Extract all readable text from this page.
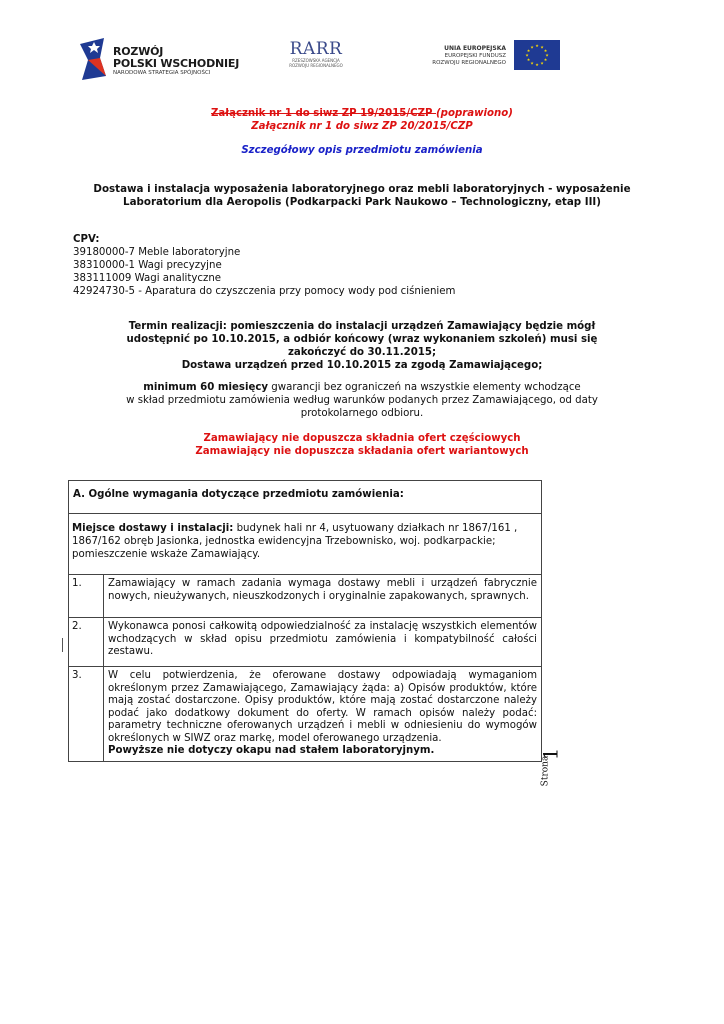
ROZWÓJ
POLSKI WSCHODNIEJ
NARODOWA STRATEGIA SPÓJNOŚCI
RARR
RZESZOWSKA AGENCJA ROZWOJU REGIONALNEGO
UNIA EUROPEJSKA
EUROPEJSKI FUNDUSZ
ROZWOJU REGIONALNEGO
★ ★
★
★
★
★
★
★
★
★
★
★
Załącznik nr 1 do siwz ZP 19/2015/CZP (poprawiono)
Załącznik nr 1 do siwz ZP 20/2015/CZP
Szczegółowy opis przedmiotu zamówienia
Dostawa i instalacja wyposażenia laboratoryjnego oraz mebli laboratoryjnych - wyposażenie Laboratorium dla Aeropolis (Podkarpacki Park Naukowo – Technologiczny, etap III)
CPV:
39180000-7 Meble laboratoryjne
38310000-1 Wagi precyzyjne
383111009 Wagi analityczne
42924730-5 - Aparatura do czyszczenia przy pomocy wody pod ciśnieniem
Termin realizacji: pomieszczenia do instalacji urządzeń Zamawiający będzie mógł
udostępnić po 10.10.2015, a odbiór końcowy (wraz wykonaniem szkoleń) musi się
zakończyć do 30.11.2015;
Dostawa urządzeń przed 10.10.2015 za zgodą Zamawiającego;
minimum 60 miesięcy gwarancji bez ograniczeń na wszystkie elementy wchodzące
w skład przedmiotu zamówienia według warunków podanych przez Zamawiającego, od daty
protokolarnego odbioru.
Zamawiający nie dopuszcza składnia ofert częściowych
Zamawiający nie dopuszcza składania ofert wariantowych
A. Ogólne wymagania dotyczące przedmiotu zamówienia:
Miejsce dostawy i instalacji: budynek hali nr 4, usytuowany działkach nr 1867/161 , 1867/162 obręb Jasionka, jednostka ewidencyjna Trzebownisko, woj. podkarpackie; pomieszczenie wskaże Zamawiający.
1.	Zamawiający w ramach zadania wymaga dostawy mebli i urządzeń fabrycznie nowych, nieużywanych, nieuszkodzonych i oryginalnie zapakowanych, sprawnych.
2.	Wykonawca ponosi całkowitą odpowiedzialność za instalację wszystkich elementów wchodzących w skład opisu przedmiotu zamówienia i kompatybilność całości zestawu.
3.	W celu potwierdzenia, że oferowane dostawy odpowiadają wymaganiom określonym przez Zamawiającego, Zamawiający żąda: a) Opisów produktów, które mają zostać dostarczone. Opisy produktów, które mają zostać dostarczone należy podać jako dodatkowy dokument do oferty. W ramach opisów należy podać: parametry techniczne oferowanych urządzeń i mebli w odniesieniu do wymogów określonych w SIWZ oraz markę, model oferowanego urządzenia.
Powyższe nie dotyczy okapu nad stałem laboratoryjnym.	1
Strona
